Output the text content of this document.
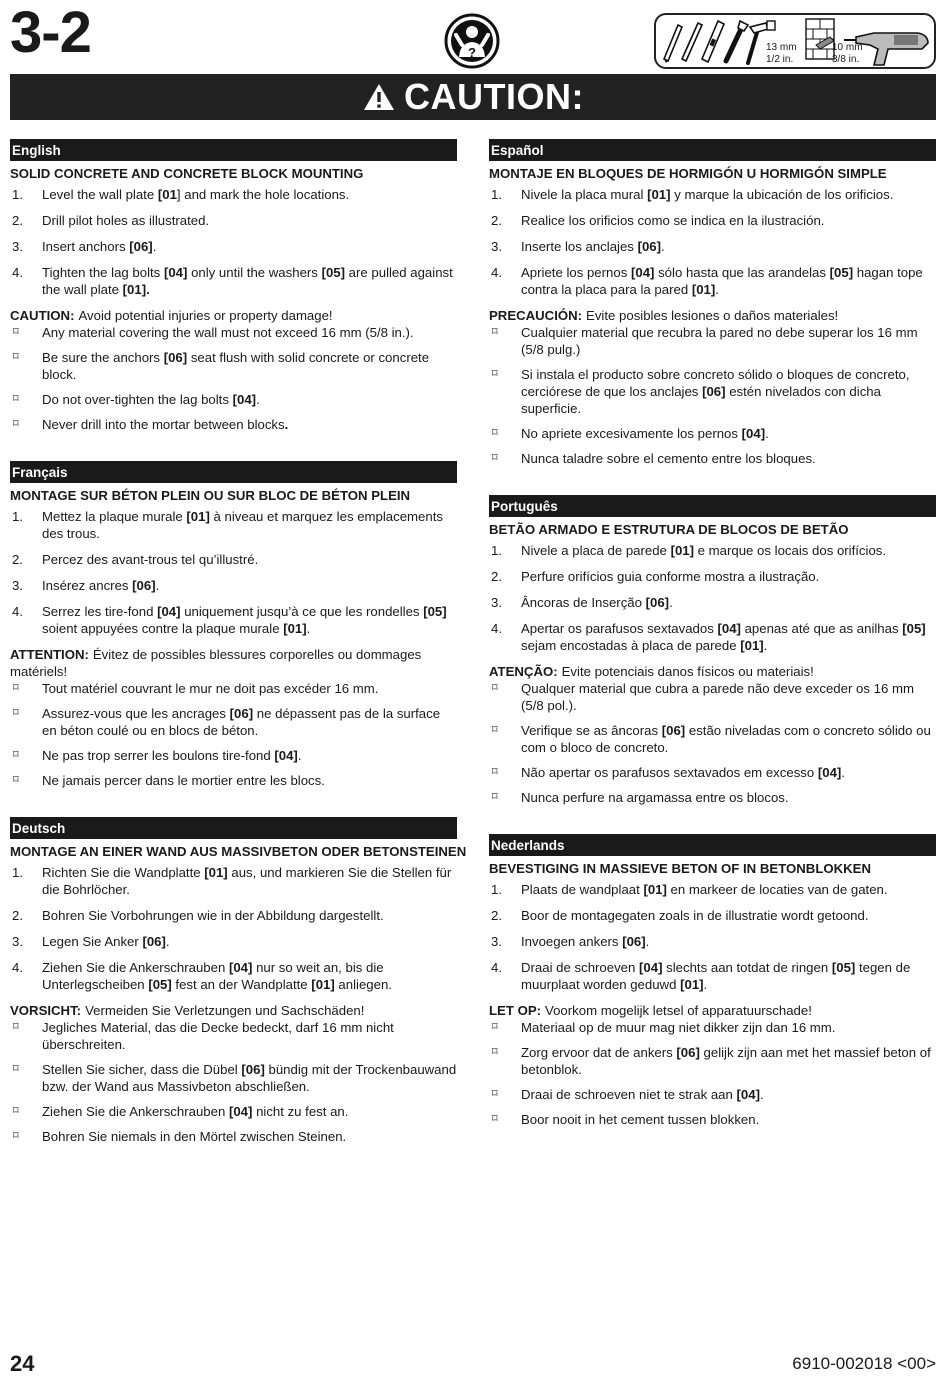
3-2	?	13 mm
1/2 in.
10 mm
3/8 in.
CAUTION:
English
SOLID CONCRETE AND CONCRETE BLOCK MOUNTING
1. Level the wall plate [01] and mark the hole locations.
2. Drill pilot holes as illustrated.
3. Insert anchors [06].
4. Tighten the lag bolts [04] only until the washers [05] are pulled against the wall plate [01].
CAUTION: Avoid potential injuries or property damage!
⌑ Any material covering the wall must not exceed 16 mm (5/8 in.).
⌑ Be sure the anchors [06] seat flush with solid concrete or concrete block.
⌑ Do not over-tighten the lag bolts [04].
⌑ Never drill into the mortar between blocks.
Français
MONTAGE SUR BÉTON PLEIN OU SUR BLOC DE BÉTON PLEIN
1. Mettez la plaque murale [01] à niveau et marquez les emplacements des trous.
2. Percez des avant-trous tel qu’illustré.
3. Insérez ancres [06].
4. Serrez les tire-fond [04] uniquement jusqu’à ce que les rondelles [05] soient appuyées contre la plaque murale [01].
ATTENTION: Évitez de possibles blessures corporelles ou dommages matériels!
⌑ Tout matériel couvrant le mur ne doit pas excéder 16 mm.
⌑ Assurez-vous que les ancrages [06] ne dépassent pas de la surface en béton coulé ou en blocs de béton.
⌑ Ne pas trop serrer les boulons tire-fond [04].
⌑ Ne jamais percer dans le mortier entre les blocs.
Deutsch
MONTAGE AN EINER WAND AUS MASSIVBETON ODER BETONSTEINEN
1. Richten Sie die Wandplatte [01] aus, und markieren Sie die Stellen für die Bohrlöcher.
2. Bohren Sie Vorbohrungen wie in der Abbildung dargestellt.
3. Legen Sie Anker [06].
4. Ziehen Sie die Ankerschrauben [04] nur so weit an, bis die Unterlegscheiben [05] fest an der Wandplatte [01] anliegen.
VORSICHT: Vermeiden Sie Verletzungen und Sachschäden!
⌑ Jegliches Material, das die Decke bedeckt, darf 16 mm nicht überschreiten.
⌑ Stellen Sie sicher, dass die Dübel [06] bündig mit der Trockenbauwand bzw. der Wand aus Massivbeton abschließen.
⌑ Ziehen Sie die Ankerschrauben [04] nicht zu fest an.
⌑ Bohren Sie niemals in den Mörtel zwischen Steinen.
Español
MONTAJE EN BLOQUES DE HORMIGÓN U HORMIGÓN SIMPLE
1. Nivele la placa mural [01] y marque la ubicación de los orificios.
2. Realice los orificios como se indica en la ilustración.
3. Inserte los anclajes [06].
4. Apriete los pernos [04] sólo hasta que las arandelas [05] hagan tope contra la placa para la pared [01].
PRECAUCIÓN: Evite posibles lesiones o daños materiales!
⌑ Cualquier material que recubra la pared no debe superar los 16 mm (5/8 pulg.)
⌑ Si instala el producto sobre concreto sólido o bloques de concreto, cerciórese de que los anclajes [06] estén nivelados con dicha superficie.
⌑ No apriete excesivamente los pernos [04].
⌑ Nunca taladre sobre el cemento entre los bloques.
Português
BETÃO ARMADO E ESTRUTURA DE BLOCOS DE BETÃO
1. Nivele a placa de parede [01] e marque os locais dos orifícios.
2. Perfure orifícios guia conforme mostra a ilustração.
3. Âncoras de Inserção [06].
4. Apertar os parafusos sextavados [04] apenas até que as anilhas [05] sejam encostadas à placa de parede [01].
ATENÇÃO: Evite potenciais danos físicos ou materiais!
⌑ Qualquer material que cubra a parede não deve exceder os 16 mm (5/8 pol.).
⌑ Verifique se as âncoras [06] estão niveladas com o concreto sólido ou com o bloco de concreto.
⌑ Não apertar os parafusos sextavados em excesso [04].
⌑ Nunca perfure na argamassa entre os blocos.
Nederlands
BEVESTIGING IN MASSIEVE BETON OF IN BETONBLOKKEN
1. Plaats de wandplaat [01] en markeer de locaties van de gaten.
2. Boor de montagegaten zoals in de illustratie wordt getoond.
3. Invoegen ankers [06].
4. Draai de schroeven [04] slechts aan totdat de ringen [05] tegen de muurplaat worden geduwd [01].
LET OP: Voorkom mogelijk letsel of apparatuurschade!
⌑ Materiaal op de muur mag niet dikker zijn dan 16 mm.
⌑ Zorg ervoor dat de ankers [06] gelijk zijn aan met het massief beton of betonblok.
⌑ Draai de schroeven niet te strak aan [04].
⌑ Boor nooit in het cement tussen blokken.
24	6910-002018 <00>
